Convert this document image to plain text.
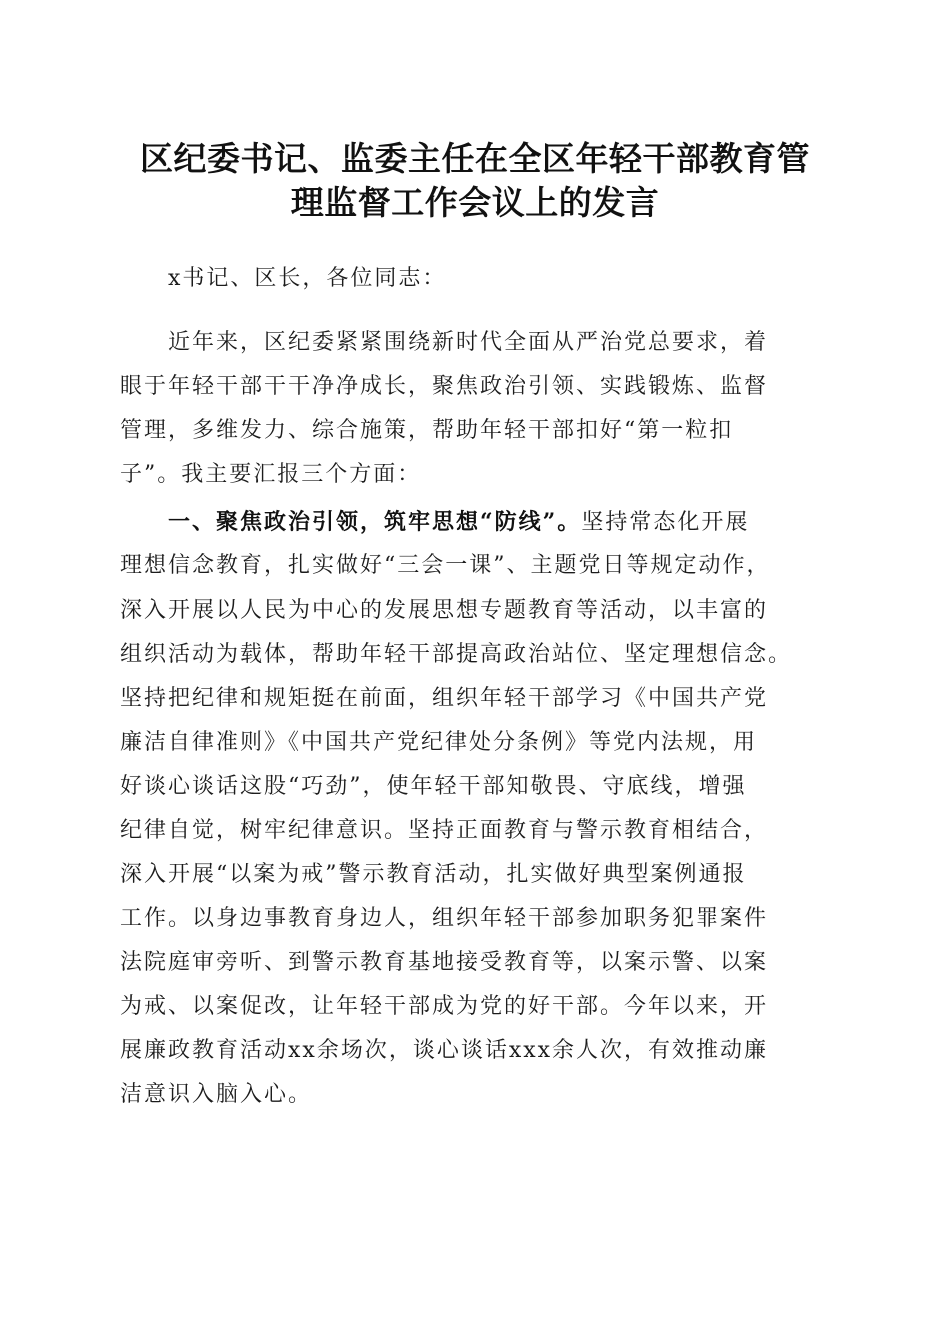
区纪委书记、监委主任在全区年轻干部教育管
理监督工作会议上的发言
x书记、区长，各位同志：
近年来，区纪委紧紧围绕新时代全面从严治党总要求，着
眼于年轻干部干干净净成长，聚焦政治引领、实践锻炼、监督
管理，多维发力、综合施策，帮助年轻干部扣好“第一粒扣
子”。我主要汇报三个方面：
一、聚焦政治引领，筑牢思想“防线”。坚持常态化开展
理想信念教育，扎实做好“三会一课”、主题党日等规定动作，
深入开展以人民为中心的发展思想专题教育等活动，以丰富的
组织活动为载体，帮助年轻干部提高政治站位、坚定理想信念。
坚持把纪律和规矩挺在前面，组织年轻干部学习《中国共产党
廉洁自律准则》《中国共产党纪律处分条例》等党内法规，用
好谈心谈话这股“巧劲”，使年轻干部知敬畏、守底线，增强
纪律自觉，树牢纪律意识。坚持正面教育与警示教育相结合，
深入开展“以案为戒”警示教育活动，扎实做好典型案例通报
工作。以身边事教育身边人，组织年轻干部参加职务犯罪案件
法院庭审旁听、到警示教育基地接受教育等，以案示警、以案
为戒、以案促改，让年轻干部成为党的好干部。今年以来，开
展廉政教育活动xx余场次，谈心谈话xxx余人次，有效推动廉
洁意识入脑入心。
